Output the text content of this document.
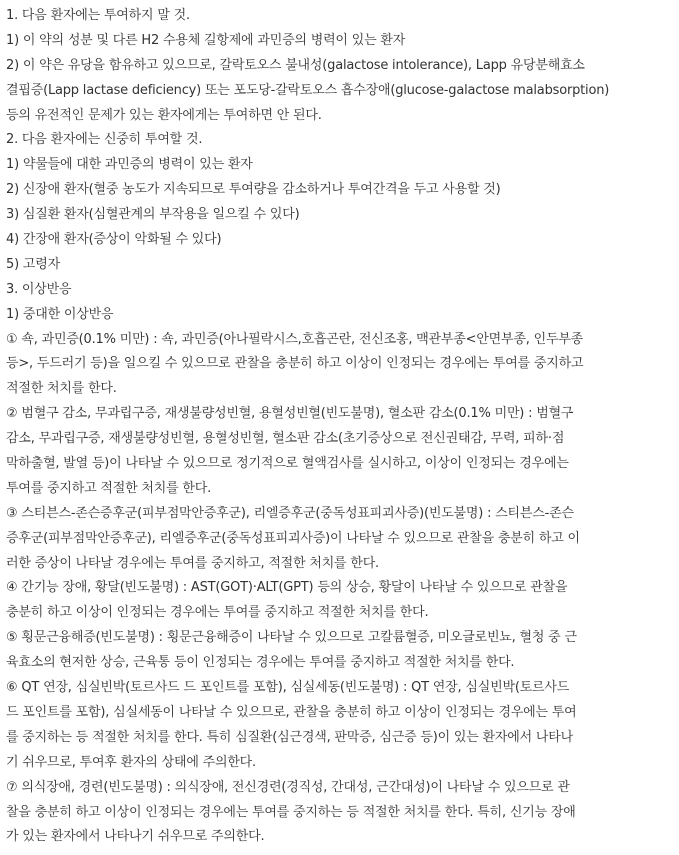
1. 다음 환자에는 투여하지 말 것.
1) 이 약의 성분 및 다른 H2 수용체 길항제에 과민증의 병력이 있는 환자
2) 이 약은 유당을 함유하고 있으므로, 갈락토오스 불내성(galactose intolerance), Lapp 유당분해효소
결핍증(Lapp lactase deficiency) 또는 포도당-갈락토오스 흡수장애(glucose-galactose malabsorption)
등의 유전적인 문제가 있는 환자에게는 투여하면 안 된다.
2. 다음 환자에는 신중히 투여할 것.
1) 약물들에 대한 과민증의 병력이 있는 환자
2) 신장애 환자(혈중 농도가 지속되므로 투여량을 감소하거나 투여간격을 두고 사용할 것)
3) 심질환 환자(심혈관계의 부작용을 일으킬 수 있다)
4) 간장애 환자(증상이 악화될 수 있다)
5) 고령자
3. 이상반응
1) 중대한 이상반응
① 쇽, 과민증(0.1% 미만) : 쇽, 과민증(아나필락시스,호흡곤란, 전신조홍, 맥관부종<안면부종, 인두부종
등>, 두드러기 등)을 일으킬 수 있으므로 관찰을 충분히 하고 이상이 인정되는 경우에는 투여를 중지하고
적절한 처치를 한다.
② 범혈구 감소, 무과립구증, 재생불량성빈혈, 용혈성빈혈(빈도불명), 혈소판 감소(0.1% 미만) : 범혈구
감소, 무과립구증, 재생불량성빈혈, 용혈성빈혈, 혈소판 감소(초기증상으로 전신권태감, 무력, 피하·점
막하출혈, 발열 등)이 나타날 수 있으므로 정기적으로 혈액검사를 실시하고, 이상이 인정되는 경우에는
투여를 중지하고 적절한 처치를 한다.
③ 스티븐스-존슨증후군(피부점막안증후군), 리엘증후군(중독성표피괴사증)(빈도불명) : 스티븐스-존슨
증후군(피부점막안증후군), 리엘증후군(중독성표피괴사증)이 나타날 수 있으므로 관찰을 충분히 하고 이
러한 증상이 나타날 경우에는 투여를 중지하고, 적절한 처치를 한다.
④ 간기능 장애, 황달(빈도불명) : AST(GOT)·ALT(GPT) 등의 상승, 황달이 나타날 수 있으므로 관찰을
충분히 하고 이상이 인정되는 경우에는 투여를 중지하고 적절한 처치를 한다.
⑤ 횡문근융해증(빈도불명) : 횡문근융해증이 나타날 수 있으므로 고칼륨혈증, 미오글로빈뇨, 혈청 중 근
육효소의 현저한 상승, 근육통 등이 인정되는 경우에는 투여를 중지하고 적절한 처치를 한다.
⑥ QT 연장, 심실빈박(토르사드 드 포인트를 포함), 심실세동(빈도불명) : QT 연장, 심실빈박(토르사드
드 포인트를 포함), 심실세동이 나타날 수 있으므로, 관찰을 충분히 하고 이상이 인정되는 경우에는 투여
를 중지하는 등 적절한 처치를 한다. 특히 심질환(심근경색, 판막증, 심근증 등)이 있는 환자에서 나타나
기 쉬우므로, 투여후 환자의 상태에 주의한다.
⑦ 의식장애, 경련(빈도불명) : 의식장애, 전신경련(경직성, 간대성, 근간대성)이 나타날 수 있으므로 관
찰을 충분히 하고 이상이 인정되는 경우에는 투여를 중지하는 등 적절한 처치를 한다. 특히, 신기능 장애
가 있는 환자에서 나타나기 쉬우므로 주의한다.
